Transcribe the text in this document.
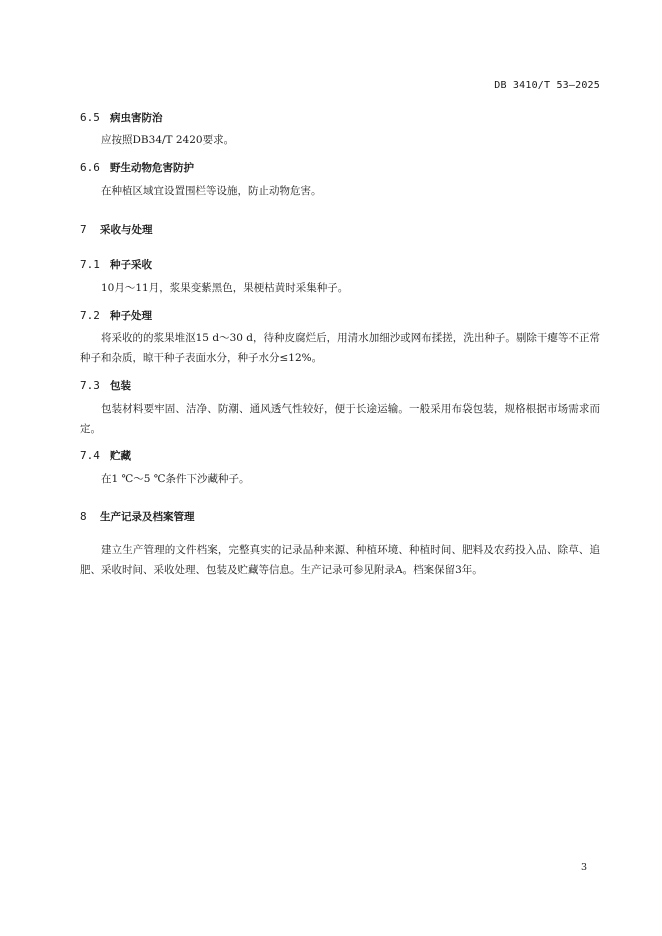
DB 3410/T 53—2025
6.5 病虫害防治
应按照DB34/T 2420要求。
6.6 野生动物危害防护
在种植区域宜设置围栏等设施，防止动物危害。
7 采收与处理
7.1 种子采收
10月～11月，浆果变紫黑色，果梗枯黄时采集种子。
7.2 种子处理
将采收的的浆果堆沤15 d～30 d，待种皮腐烂后，用清水加细沙或网布揉搓，洗出种子。剔除干瘪等不正常种子和杂质，晾干种子表面水分，种子水分≤12%。
7.3 包装
包装材料要牢固、洁净、防潮、通风透气性较好，便于长途运输。一般采用布袋包装，规格根据市场需求而定。
7.4 贮藏
在1 ℃～5 ℃条件下沙藏种子。
8 生产记录及档案管理
建立生产管理的文件档案，完整真实的记录品种来源、种植环境、种植时间、肥料及农药投入品、除草、追肥、采收时间、采收处理、包装及贮藏等信息。生产记录可参见附录A。档案保留3年。
3
